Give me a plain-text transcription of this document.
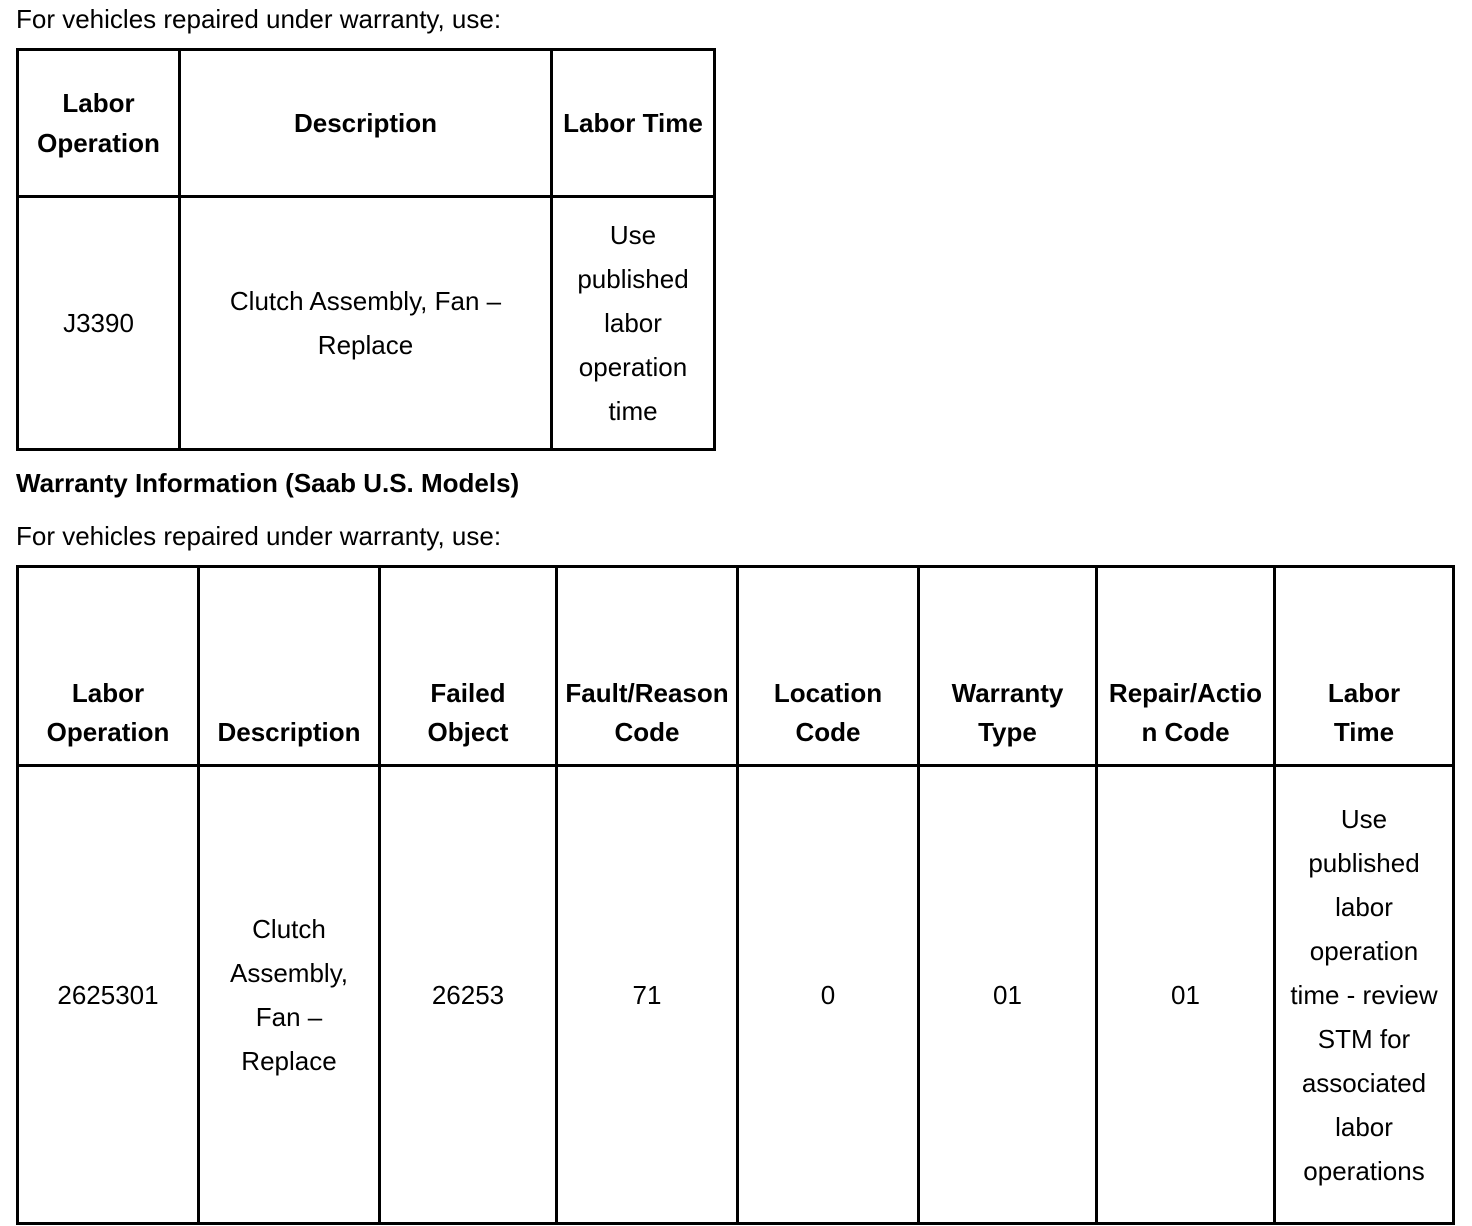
For vehicles repaired under warranty, use:

Labor Operation	Description	Labor Time
J3390	Clutch Assembly, Fan – Replace	Use published labor operation time

Warranty Information (Saab U.S. Models)

For vehicles repaired under warranty, use:

Labor Operation	Description	Failed Object	Fault/Reason Code	Location Code	Warranty Type	Repair/Action Code	Labor Time
2625301	Clutch Assembly, Fan – Replace	26253	71	0	01	01	Use published labor operation time - review STM for associated labor operations
